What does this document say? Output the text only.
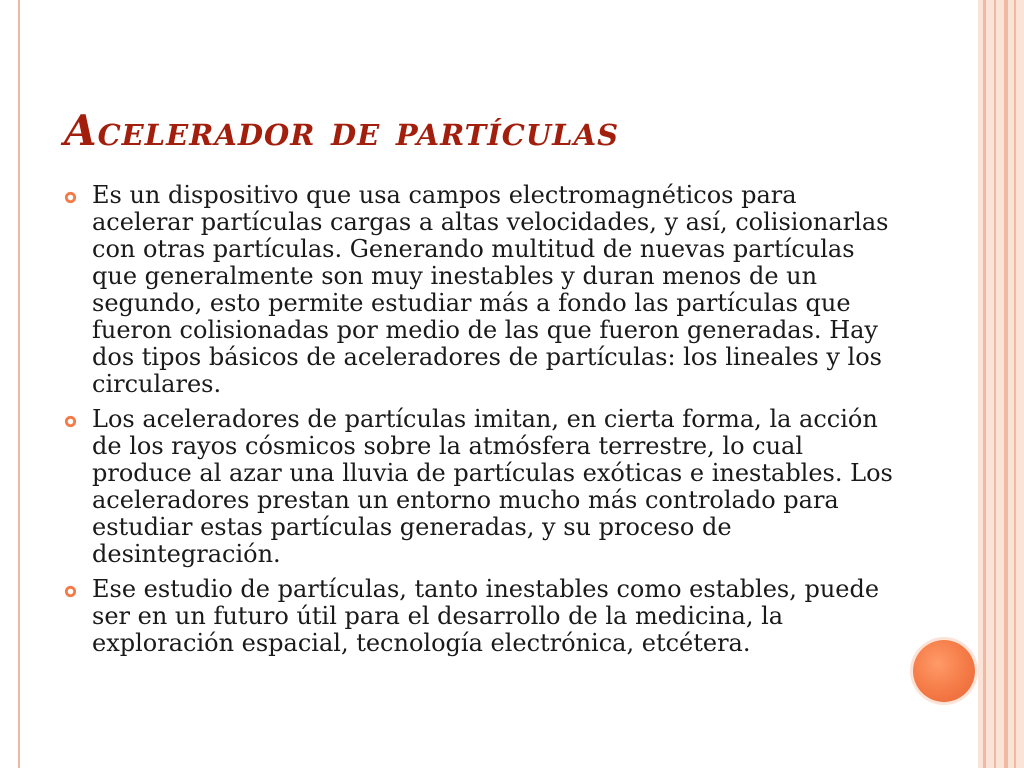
Acelerador de partículas

Es un dispositivo que usa campos electromagnéticos para acelerar partículas cargas a altas velocidades, y así, colisionarlas con otras partículas. Generando multitud de nuevas partículas que generalmente son muy inestables y duran menos de un segundo, esto permite estudiar más a fondo las partículas que fueron colisionadas por medio de las que fueron generadas. Hay dos tipos básicos de aceleradores de partículas: los lineales y los circulares.

Los aceleradores de partículas imitan, en cierta forma, la acción de los rayos cósmicos sobre la atmósfera terrestre, lo cual produce al azar una lluvia de partículas exóticas e inestables. Los aceleradores prestan un entorno mucho más controlado para estudiar estas partículas generadas, y su proceso de desintegración.

Ese estudio de partículas, tanto inestables como estables, puede ser en un futuro útil para el desarrollo de la medicina, la exploración espacial, tecnología electrónica, etcétera.
